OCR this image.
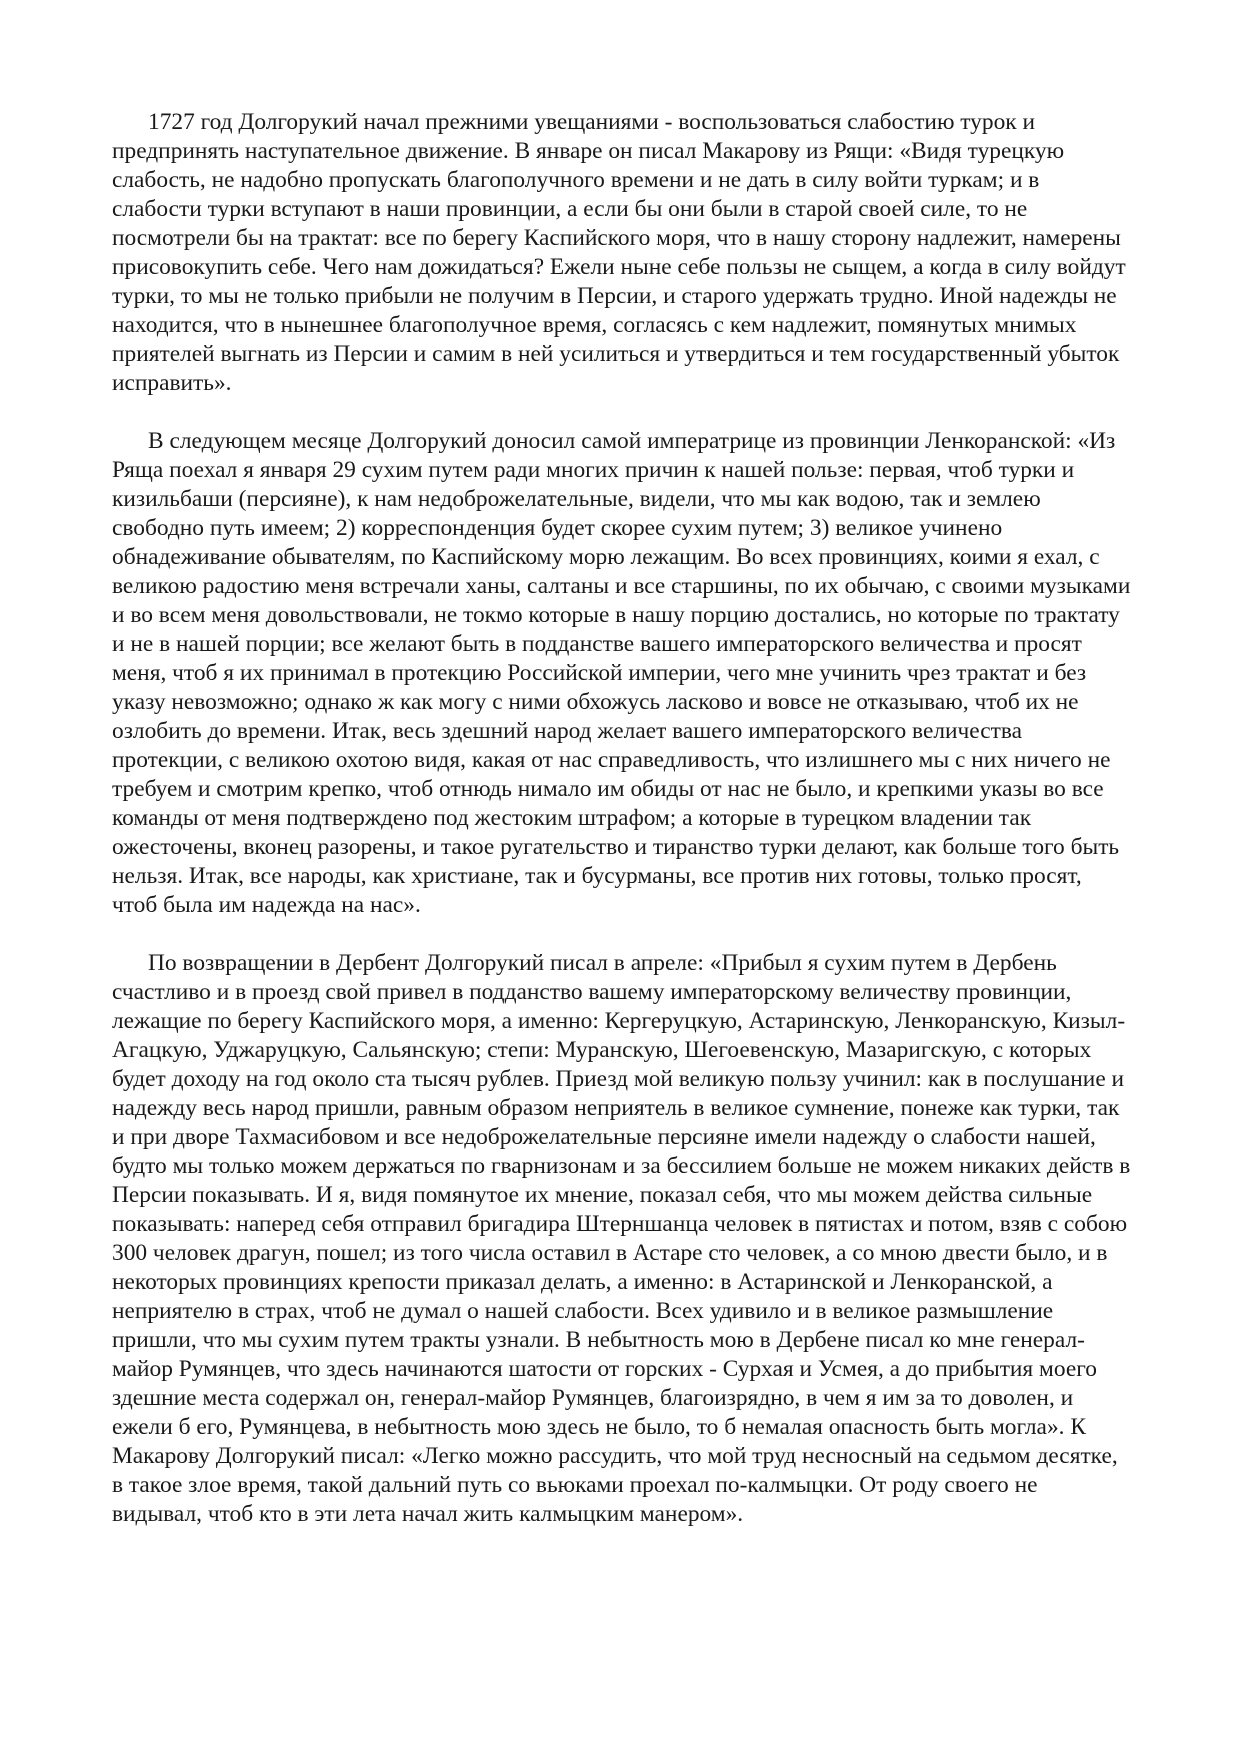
1727 год Долгорукий начал прежними увещаниями - воспользоваться слабостию турок и предпринять наступательное движение. В январе он писал Макарову из Рящи: «Видя турецкую слабость, не надобно пропускать благополучного времени и не дать в силу войти туркам; и в слабости турки вступают в наши провинции, а если бы они были в старой своей силе, то не посмотрели бы на трактат: все по берегу Каспийского моря, что в нашу сторону надлежит, намерены присовокупить себе. Чего нам дожидаться? Ежели ныне себе пользы не сыщем, а когда в силу войдут турки, то мы не только прибыли не получим в Персии, и старого удержать трудно. Иной надежды не находится, что в нынешнее благополучное время, согласясь с кем надлежит, помянутых мнимых приятелей выгнать из Персии и самим в ней усилиться и утвердиться и тем государственный убыток исправить».

В следующем месяце Долгорукий доносил самой императрице из провинции Ленкоранской: «Из Ряща поехал я января 29 сухим путем ради многих причин к нашей пользе: первая, чтоб турки и кизильбаши (персияне), к нам недоброжелательные, видели, что мы как водою, так и землею свободно путь имеем; 2) корреспонденция будет скорее сухим путем; 3) великое учинено обнадеживание обывателям, по Каспийскому морю лежащим. Во всех провинциях, коими я ехал, с великою радостию меня встречали ханы, салтаны и все старшины, по их обычаю, с своими музыками и во всем меня довольствовали, не токмо которые в нашу порцию достались, но которые по трактату и не в нашей порции; все желают быть в подданстве вашего императорского величества и просят меня, чтоб я их принимал в протекцию Российской империи, чего мне учинить чрез трактат и без указу невозможно; однако ж как могу с ними обхожусь ласково и вовсе не отказываю, чтоб их не озлобить до времени. Итак, весь здешний народ желает вашего императорского величества протекции, с великою охотою видя, какая от нас справедливость, что излишнего мы с них ничего не требуем и смотрим крепко, чтоб отнюдь нимало им обиды от нас не было, и крепкими указы во все команды от меня подтверждено под жестоким штрафом; а которые в турецком владении так ожесточены, вконец разорены, и такое ругательство и тиранство турки делают, как больше того быть нельзя. Итак, все народы, как христиане, так и бусурманы, все против них готовы, только просят, чтоб была им надежда на нас».

По возвращении в Дербент Долгорукий писал в апреле: «Прибыл я сухим путем в Дербень счастливо и в проезд свой привел в подданство вашему императорскому величеству провинции, лежащие по берегу Каспийского моря, а именно: Кергеруцкую, Астаринскую, Ленкоранскую, Кизыл-Агацкую, Уджаруцкую, Сальянскую; степи: Муранскую, Шегоевенскую, Мазаригскую, с которых будет доходу на год около ста тысяч рублев. Приезд мой великую пользу учинил: как в послушание и надежду весь народ пришли, равным образом неприятель в великое сумнение, понеже как турки, так и при дворе Тахмасибовом и все недоброжелательные персияне имели надежду о слабости нашей, будто мы только можем держаться по гварнизонам и за бессилием больше не можем никаких действ в Персии показывать. И я, видя помянутое их мнение, показал себя, что мы можем действа сильные показывать: наперед себя отправил бригадира Штерншанца человек в пятистах и потом, взяв с собою 300 человек драгун, пошел; из того числа оставил в Астаре сто человек, а со мною двести было, и в некоторых провинциях крепости приказал делать, а именно: в Астаринской и Ленкоранской, а неприятелю в страх, чтоб не думал о нашей слабости. Всех удивило и в великое размышление пришли, что мы сухим путем тракты узнали. В небытность мою в Дербене писал ко мне генерал-майор Румянцев, что здесь начинаются шатости от горских - Сурхая и Усмея, а до прибытия моего здешние места содержал он, генерал-майор Румянцев, благоизрядно, в чем я им за то доволен, и ежели б его, Румянцева, в небытность мою здесь не было, то б немалая опасность быть могла». К Макарову Долгорукий писал: «Легко можно рассудить, что мой труд несносный на седьмом десятке, в такое злое время, такой дальний путь со вьюками проехал по-калмыцки. От роду своего не видывал, чтоб кто в эти лета начал жить калмыцким манером».
